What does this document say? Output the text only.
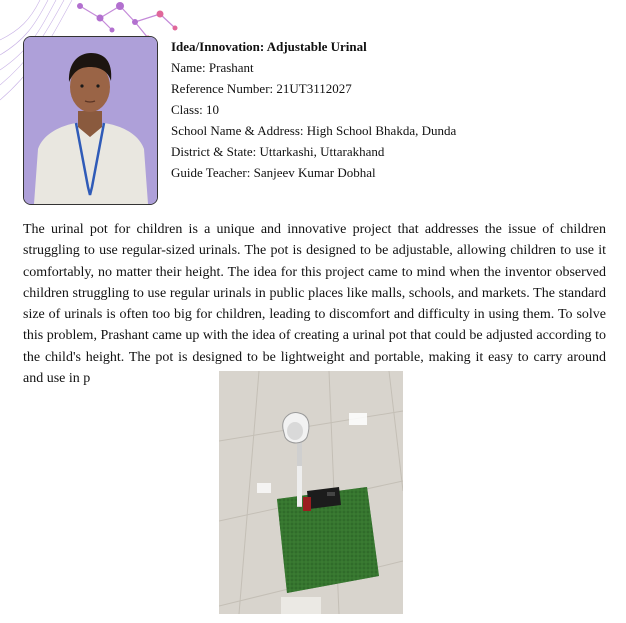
Idea/Innovation: Adjustable Urinal
Name: Prashant
Reference Number: 21UT3112027
Class: 10
School Name & Address: High School Bhakda, Dunda
District & State: Uttarkashi, Uttarakhand
Guide Teacher: Sanjeev Kumar Dobhal

The urinal pot for children is a unique and innovative project that addresses the issue of children struggling to use regular-sized urinals. The pot is designed to be adjustable, allowing children to use it comfortably, no matter their height. The idea for this project came to mind when the inventor observed children struggling to use regular urinals in public places like malls, schools, and markets. The standard size of urinals is often too big for children, leading to discomfort and difficulty in using them. To solve this problem, Prashant came up with the idea of creating a urinal pot that could be adjusted according to the child's height. The pot is designed to be lightweight and portable, making it easy to carry around and use in p
